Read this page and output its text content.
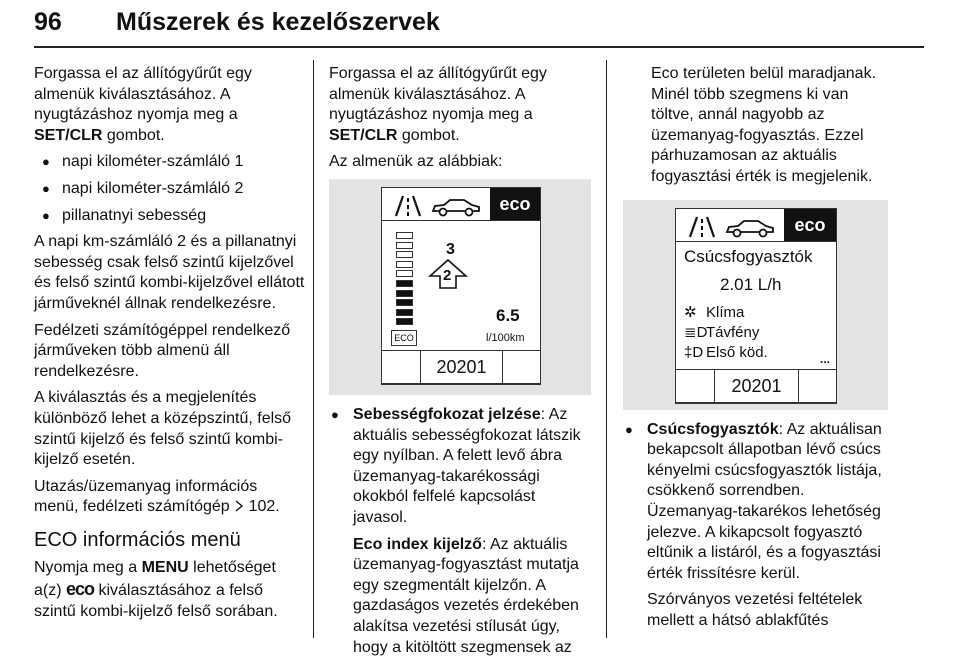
96 Műszerek és kezelőszervek

Forgassa el az állítógyűrűt egy almenük kiválasztásához. A nyugtázáshoz nyomja meg a SET/CLR gombot.

● napi kilométer-számláló 1
● napi kilométer-számláló 2
● pillanatnyi sebesség

A napi km-számláló 2 és a pillanatnyi sebesség csak felső szintű kijelzővel és felső szintű kombi-kijelzővel ellátott járműveknél állnak rendelkezésre.

Fedélzeti számítógéppel rendelkező járműveken több almenü áll rendelkezésre.

A kiválasztás és a megjelenítés különböző lehet a középszintű, felső szintű kijelző és felső szintű kombi-kijelző esetén.

Utazás/üzemanyag információs menü, fedélzeti számítógép  102.

ECO információs menü

Nyomja meg a MENU lehetőséget a(z) eco kiválasztásához a felső szintű kombi-kijelző felső sorában.

Forgassa el az állítógyűrűt egy almenük kiválasztásához. A nyugtázáshoz nyomja meg a SET/CLR gombot.

Az almenük az alábbiak:

eco
ECO
3
2
6.5
l/100km
20201
● Sebességfokozat jelzése: Az aktuális sebességfokozat látszik egy nyílban. A felett levő ábra üzemanyag-takarékossági okokból felfelé kapcsolást javasol.
Eco index kijelző: Az aktuális üzemanyag-fogyasztást mutatja egy szegmentált kijelzőn. A gazdaságos vezetés érdekében alakítsa vezetési stílusát úgy, hogy a kitöltött szegmensek az

Eco területen belül maradjanak. Minél több szegmens ki van töltve, annál nagyobb az üzemanyag-fogyasztás. Ezzel párhuzamosan az aktuális fogyasztási érték is megjelenik.

eco
Csúcsfogyasztók
2.01 L/h
✲ Klíma
≣DTávfény
‡D Első köd.	...
20201
● Csúcsfogyasztók: Az aktuálisan bekapcsolt állapotban lévő csúcs kényelmi csúcsfogyasztók listája, csökkenő sorrendben. Üzemanyag-takarékos lehetőség jelezve. A kikapcsolt fogyasztó eltűnik a listáról, és a fogyasztási érték frissítésre kerül.
Szórványos vezetési feltételek mellett a hátsó ablakfűtés
